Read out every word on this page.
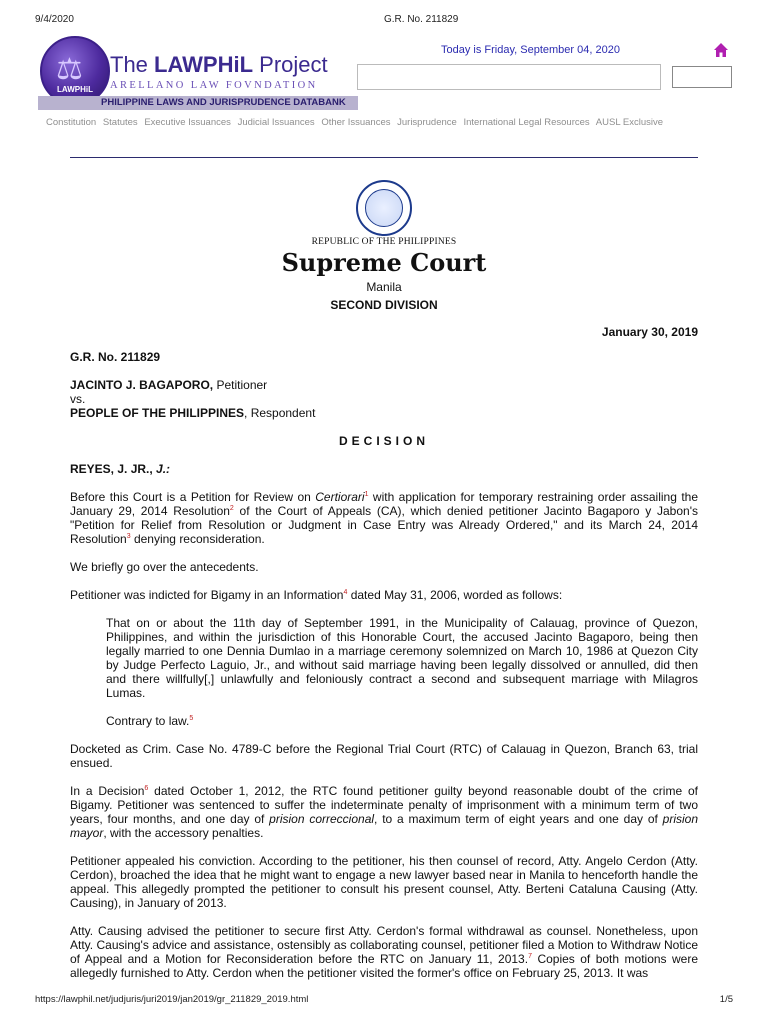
9/4/2020	G.R. No. 211829
⚖
LAWPHiL
The LAWPHiL Project
ARELLANO LAW FOVNDATION
PHILIPPINE LAWS AND JURISPRUDENCE DATABANK
Today is Friday, September 04, 2020
Constitution Statutes Executive Issuances Judicial Issuances Other Issuances Jurisprudence International Legal Resources AUSL Exclusive
REPUBLIC OF THE PHILIPPINES
Supreme Court
Manila
SECOND DIVISION
January 30, 2019
G.R. No. 211829
JACINTO J. BAGAPORO, Petitioner
vs.
PEOPLE OF THE PHILIPPINES, Respondent
DECISION
REYES, J. JR., J.:

Before this Court is a Petition for Review on Certiorari$^1$ with application for temporary restraining order assailing the January 29, 2014 Resolution$^2$ of the Court of Appeals (CA), which denied petitioner Jacinto Bagaporo y Jabon's "Petition for Relief from Resolution or Judgment in Case Entry was Already Ordered," and its March 24, 2014 Resolution$^3$ denying reconsideration.

We briefly go over the antecedents.

Petitioner was indicted for Bigamy in an Information$^4$ dated May 31, 2006, worded as follows:

That on or about the 11th day of September 1991, in the Municipality of Calauag, province of Quezon, Philippines, and within the jurisdiction of this Honorable Court, the accused Jacinto Bagaporo, being then legally married to one Dennia Dumlao in a marriage ceremony solemnized on March 10, 1986 at Quezon City by Judge Perfecto Laguio, Jr., and without said marriage having been legally dissolved or annulled, did then and there willfully[,] unlawfully and feloniously contract a second and subsequent marriage with Milagros Lumas.

Contrary to law.$^5$

Docketed as Crim. Case No. 4789-C before the Regional Trial Court (RTC) of Calauag in Quezon, Branch 63, trial ensued.

In a Decision$^6$ dated October 1, 2012, the RTC found petitioner guilty beyond reasonable doubt of the crime of Bigamy. Petitioner was sentenced to suffer the indeterminate penalty of imprisonment with a minimum term of two years, four months, and one day of prision correccional, to a maximum term of eight years and one day of prision mayor, with the accessory penalties.

Petitioner appealed his conviction. According to the petitioner, his then counsel of record, Atty. Angelo Cerdon (Atty. Cerdon), broached the idea that he might want to engage a new lawyer based near in Manila to henceforth handle the appeal. This allegedly prompted the petitioner to consult his present counsel, Atty. Berteni Cataluna Causing (Atty. Causing), in January of 2013.

Atty. Causing advised the petitioner to secure first Atty. Cerdon's formal withdrawal as counsel. Nonetheless, upon Atty. Causing's advice and assistance, ostensibly as collaborating counsel, petitioner filed a Motion to Withdraw Notice of Appeal and a Motion for Reconsideration before the RTC on January 11, 2013.$^7$ Copies of both motions were allegedly furnished to Atty. Cerdon when the petitioner visited the former's office on February 25, 2013. It was

https://lawphil.net/judjuris/juri2019/jan2019/gr_211829_2019.html	1/5
